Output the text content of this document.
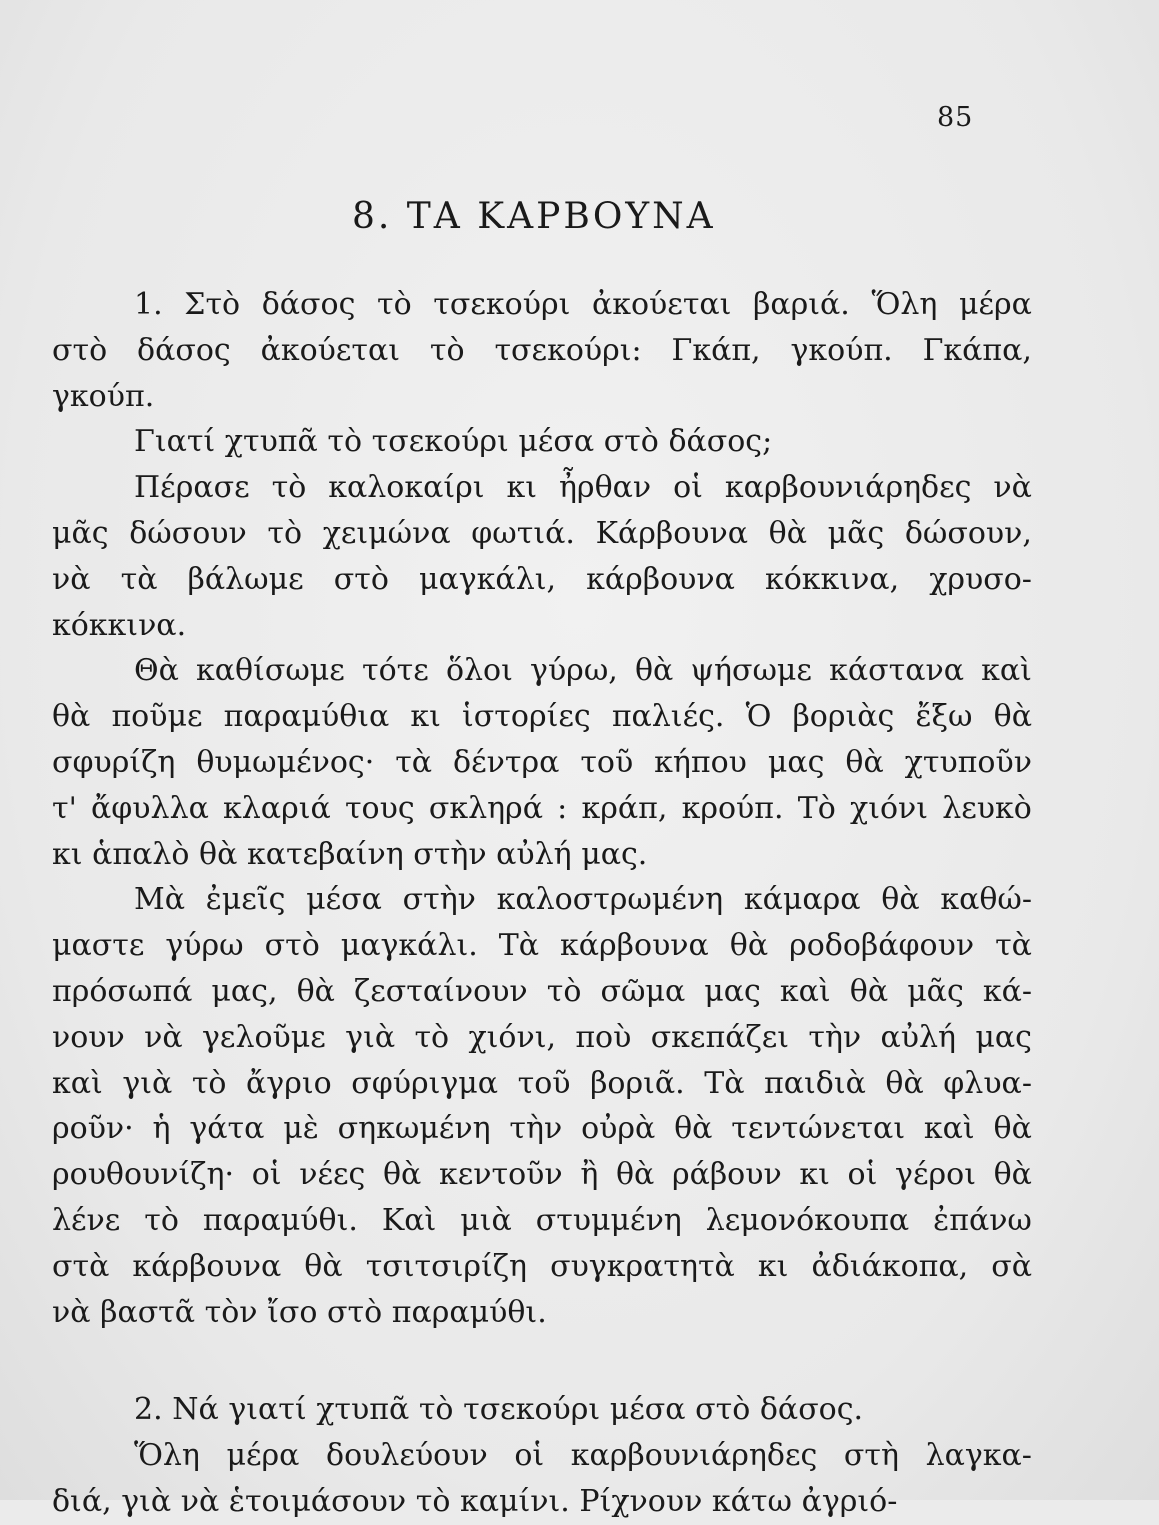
85
8. ΤΑ ΚΑΡΒΟΥΝΑ
1. Στὸ δάσος τὸ τσεκούρι ἀκούεται βαριά. Ὅλη μέρα
στὸ δάσος ἀκούεται τὸ τσεκούρι: Γκάπ, γκούπ. Γκάπα,
γκούπ.
Γιατί χτυπᾶ τὸ τσεκούρι μέσα στὸ δάσος;
Πέρασε τὸ καλοκαίρι κι ἦρθαν οἱ καρβουνιάρηδες νὰ
μᾶς δώσουν τὸ χειμώνα φωτιά. Κάρβουνα θὰ μᾶς δώσουν,
νὰ τὰ βάλωμε στὸ μαγκάλι, κάρβουνα κόκκινα, χρυσο-
κόκκινα.
Θὰ καθίσωμε τότε ὅλοι γύρω, θὰ ψήσωμε κάστανα καὶ
θὰ ποῦμε παραμύθια κι ἱστορίες παλιές. Ὁ βοριὰς ἔξω θὰ
σφυρίζη θυμωμένος· τὰ δέντρα τοῦ κήπου μας θὰ χτυποῦν
τ' ἄφυλλα κλαριά τους σκληρά : κράπ, κρούπ. Τὸ χιόνι λευκὸ
κι ἁπαλὸ θὰ κατεβαίνη στὴν αὐλή μας.
Μὰ ἐμεῖς μέσα στὴν καλοστρωμένη κάμαρα θὰ καθώ-
μαστε γύρω στὸ μαγκάλι. Τὰ κάρβουνα θὰ ροδοβάφουν τὰ
πρόσωπά μας, θὰ ζεσταίνουν τὸ σῶμα μας καὶ θὰ μᾶς κά-
νουν νὰ γελοῦμε γιὰ τὸ χιόνι, ποὺ σκεπάζει τὴν αὐλή μας
καὶ γιὰ τὸ ἄγριο σφύριγμα τοῦ βοριᾶ. Τὰ παιδιὰ θὰ φλυα-
ροῦν· ἡ γάτα μὲ σηκωμένη τὴν οὐρὰ θὰ τεντώνεται καὶ θὰ
ρουθουνίζη· οἱ νέες θὰ κεντοῦν ἢ θὰ ράβουν κι οἱ γέροι θὰ
λένε τὸ παραμύθι. Καὶ μιὰ στυμμένη λεμονόκουπα ἐπάνω
στὰ κάρβουνα θὰ τσιτσιρίζη συγκρατητὰ κι ἀδιάκοπα, σὰ
νὰ βαστᾶ τὸν ἴσο στὸ παραμύθι.
2. Νά γιατί χτυπᾶ τὸ τσεκούρι μέσα στὸ δάσος.
Ὅλη μέρα δουλεύουν οἱ καρβουνιάρηδες στὴ λαγκα-
διά, γιὰ νὰ ἑτοιμάσουν τὸ καμίνι. Ρίχνουν κάτω ἀγριό-
